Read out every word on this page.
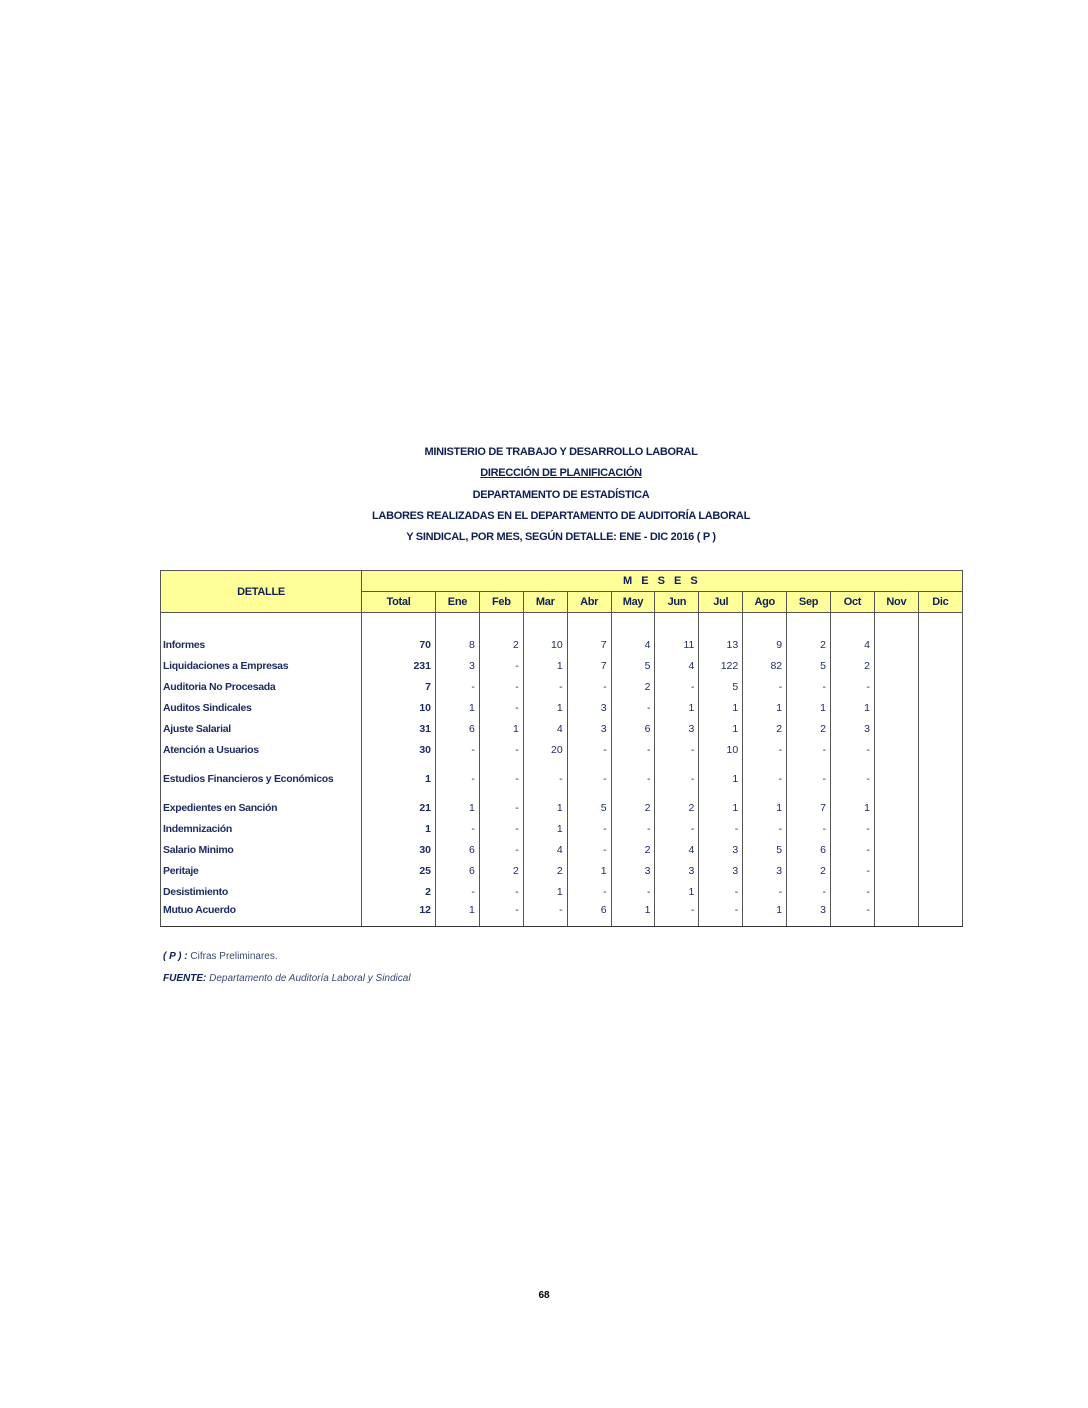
MINISTERIO DE TRABAJO Y DESARROLLO LABORAL
DIRECCIÓN DE PLANIFICACIÓN
DEPARTAMENTO DE ESTADÍSTICA
LABORES REALIZADAS EN EL DEPARTAMENTO DE AUDITORÍA LABORAL
Y SINDICAL, POR MES, SEGÚN DETALLE: ENE - DIC 2016 ( P )
DETALLE	M E S E S												
	Total	Ene	Feb	Mar	Abr	May	Jun	Jul	Ago	Sep	Oct	Nov	Dic

Informes	70	8	2	10	7	4	11	13	9	2	4		
Liquidaciones a Empresas	231	3	-	1	7	5	4	122	82	5	2		
Auditoria No Procesada	7	-	-	-	-	2	-	5	-	-	-		
Auditos Sindicales	10	1	-	1	3	-	1	1	1	1	1		
Ajuste Salarial	31	6	1	4	3	6	3	1	2	2	3		
Atención a Usuarios	30	-	-	20	-	-	-	10	-	-	-		
Estudios Financieros y Económicos	1	-	-	-	-	-	-	1	-	-	-		
Expedientes en Sanción	21	1	-	1	5	2	2	1	1	7	1		
Indemnización	1	-	-	1	-	-	-	-	-	-	-		
Salario Minimo	30	6	-	4	-	2	4	3	5	6	-		
Peritaje	25	6	2	2	1	3	3	3	3	2	-		
Desistimiento	2	-	-	1	-	-	1	-	-	-	-		
Mutuo Acuerdo	12	1	-	-	6	1	-	-	1	3	-		
( P ) : Cifras Preliminares.
FUENTE: Departamento de Auditoría Laboral y Sindical
68
